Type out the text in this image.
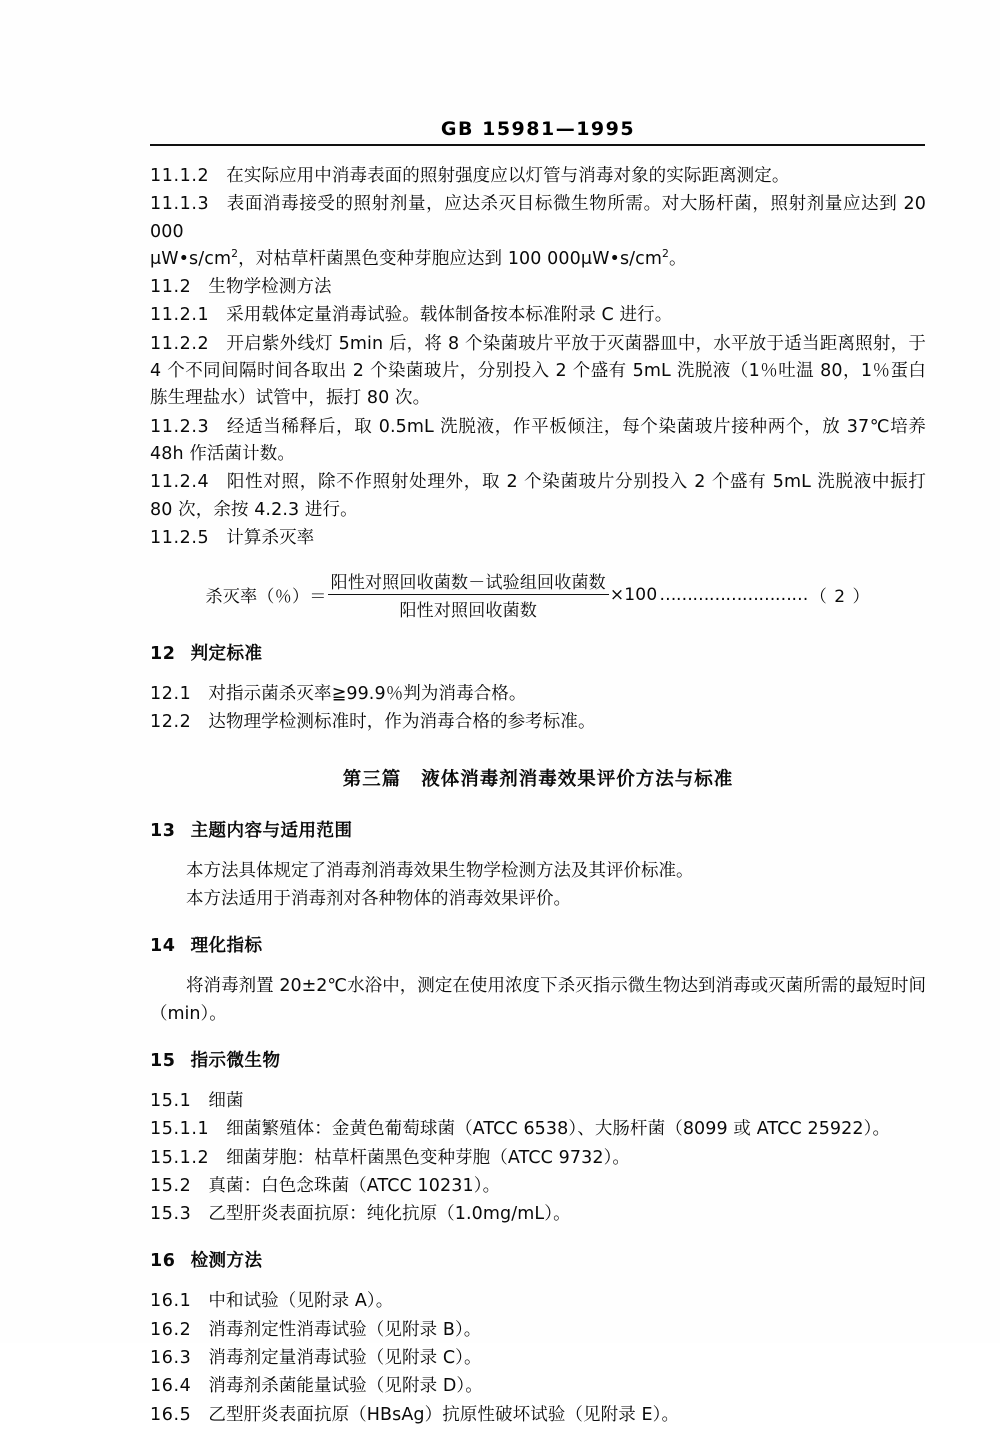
GB 15981—1995

11.1.2 在实际应用中消毒表面的照射强度应以灯管与消毒对象的实际距离测定。

11.1.3 表面消毒接受的照射剂量，应达杀灭目标微生物所需。对大肠杆菌，照射剂量应达到 20 000
$\mu W•s/cm^2$，对枯草杆菌黑色变种芽胞应达到 100 $000\mu W•s/cm^2$。

11.2 生物学检测方法

11.2.1 采用载体定量消毒试验。载体制备按本标准附录 C 进行。

11.2.2 开启紫外线灯 5min 后，将 8 个染菌玻片平放于灭菌器皿中，水平放于适当距离照射，于 4 个不同间隔时间各取出 2 个染菌玻片，分别投入 2 个盛有 5mL 洗脱液（1％吐温 80，1％蛋白胨生理盐水）试管中，振打 80 次。

11.2.3 经适当稀释后，取 0.5mL 洗脱液，作平板倾注，每个染菌玻片接种两个，放 37℃培养 48h 作活菌计数。

11.2.4 阳性对照，除不作照射处理外，取 2 个染菌玻片分别投入 2 个盛有 5mL 洗脱液中振打 80 次，余按 4.2.3 进行。

11.2.5 计算杀灭率

杀灭率（％）＝ $\frac{\text{阳性对照回收菌数－试验组回收菌数}}{\text{阳性对照回收菌数}} \times 100$ ……………………… （ 2 ）
12 判定标准

12.1 对指示菌杀灭率≧99.9％判为消毒合格。

12.2 达物理学检测标准时，作为消毒合格的参考标准。

第三篇 液体消毒剂消毒效果评价方法与标准
13 主题内容与适用范围

本方法具体规定了消毒剂消毒效果生物学检测方法及其评价标准。

本方法适用于消毒剂对各种物体的消毒效果评价。

14 理化指标

将消毒剂置 20±2℃水浴中，测定在使用浓度下杀灭指示微生物达到消毒或灭菌所需的最短时间（min）。

15 指示微生物

15.1 细菌

15.1.1 细菌繁殖体：金黄色葡萄球菌（ATCC 6538）、大肠杆菌（8099 或 ATCC 25922）。

15.1.2 细菌芽胞：枯草杆菌黑色变种芽胞（ATCC 9732）。

15.2 真菌：白色念珠菌（ATCC 10231）。

15.3 乙型肝炎表面抗原：纯化抗原（1.0mg/mL）。

16 检测方法

16.1 中和试验（见附录 A）。

16.2 消毒剂定性消毒试验（见附录 B）。

16.3 消毒剂定量消毒试验（见附录 C）。

16.4 消毒剂杀菌能量试验（见附录 D）。

16.5 乙型肝炎表面抗原（HBsAg）抗原性破坏试验（见附录 E）。
